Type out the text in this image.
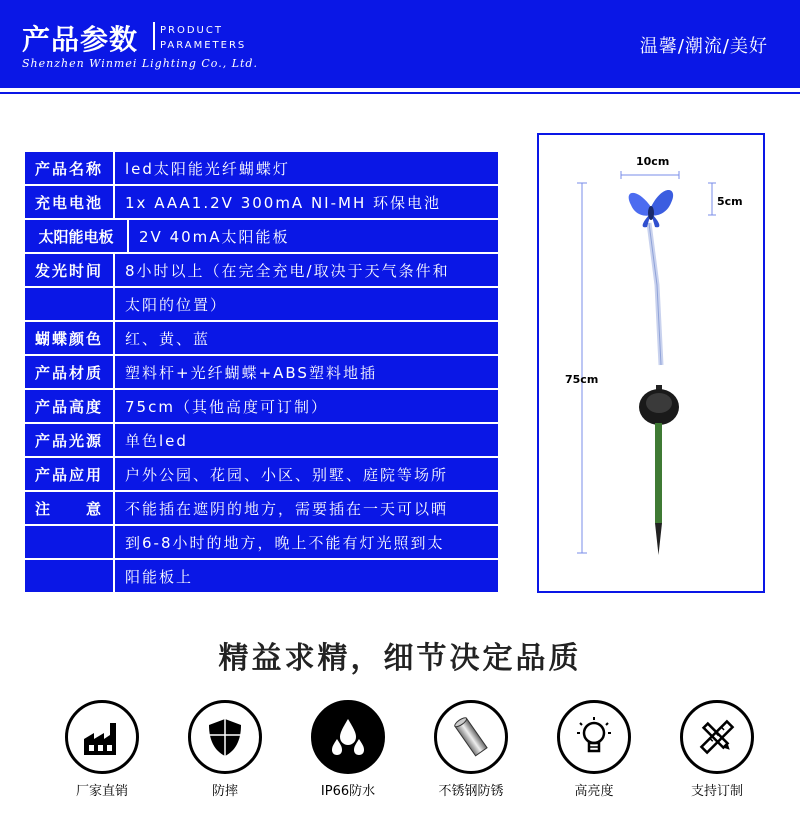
产品参数 PRODUCT
PARAMETERS
Shenzhen Winmei Lighting Co., Ltd.
温馨/潮流/美好
产品名称	led太阳能光纤蝴蝶灯
充电电池	1x AAA1.2V 300mA NI-MH 环保电池
太阳能电板	2V 40mA太阳能板
发光时间	8小时以上（在完全充电/取决于天气条件和
太阳的位置）
蝴蝶颜色	红、黄、蓝
产品材质	塑料杆+光纤蝴蝶+ABS塑料地插
产品高度	75cm（其他高度可订制）
产品光源	单色led
产品应用	户外公园、花园、小区、别墅、庭院等场所
注 意	不能插在遮阴的地方，需要插在一天可以晒
到6-8小时的地方，晚上不能有灯光照到太
阳能板上
10cm
5cm
75cm
精益求精，细节决定品质
厂家直销	防摔	IP66防水	不锈钢防锈	高亮度	支持订制
